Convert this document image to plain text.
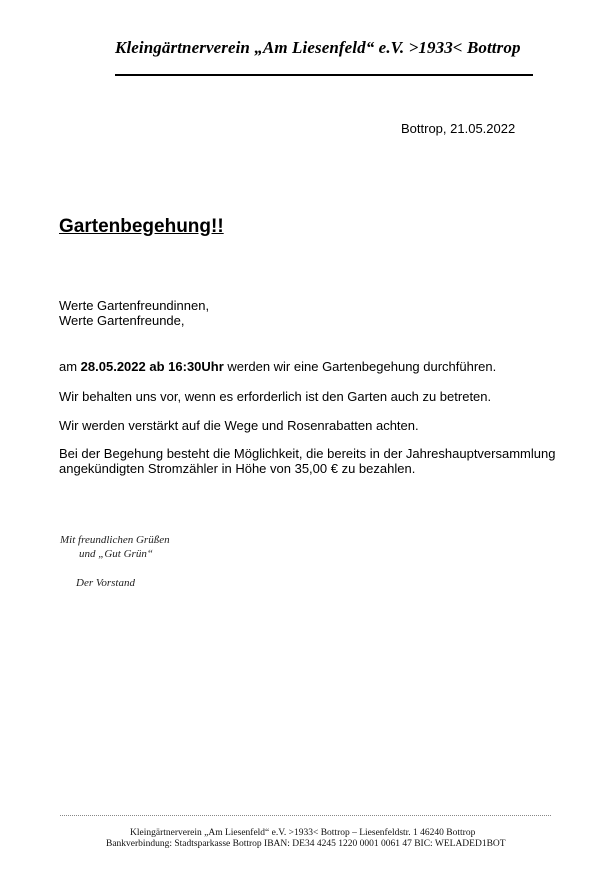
Kleingärtnerverein „Am Liesenfeld“ e.V. >1933< Bottrop
Bottrop, 21.05.2022
Gartenbegehung!!
Werte Gartenfreundinnen,
Werte Gartenfreunde,
am 28.05.2022 ab 16:30Uhr werden wir eine Gartenbegehung durchführen.
Wir behalten uns vor, wenn es erforderlich ist den Garten auch zu betreten.
Wir werden verstärkt auf die Wege und Rosenrabatten achten.
Bei der Begehung besteht die Möglichkeit, die bereits in der Jahreshauptversammlung
angekündigten Stromzähler in Höhe von 35,00 € zu bezahlen.
Mit freundlichen Grüßen
und „Gut Grün“
Der Vorstand
Kleingärtnerverein „Am Liesenfeld“ e.V. >1933< Bottrop – Liesenfeldstr. 1 46240 Bottrop
Bankverbindung: Stadtsparkasse Bottrop IBAN: DE34 4245 1220 0001 0061 47 BIC: WELADED1BOT
